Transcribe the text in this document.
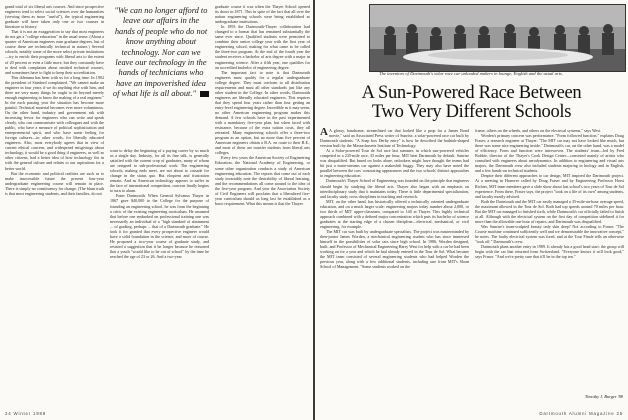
grand total of six liberal arts courses. And since prospective engineers tend to select social sciences over the humanities (viewing them as more "useful"), the typical engineering graduate will have taken only one or two courses in literature or history.

That it is not an exaggeration to say that most engineers do not get a "college education" in the usual sense. (About a quarter of American engineers earn graduate degrees, but of course these are technically technical in nature.) Several schools, notably some of the more select private institutions—try to enrich their programs with liberal arts to the extent of 20 percent or even a little more, but they constantly have to deal with complaints about omitted technical courses, and sometimes have to fight to keep their accreditation.

This dilemma has been with us for a long time. In 1902 the president of Stanford complained, "We cannot make an engineer in four years if we do anything else with him, and there are very many things he ought to do beyond merely enough engineering to know the making of a real engineer." In the each passing year the situation has become more painful. Technical material becomes ever more voluminous. On the other hand, industry and government ask with increasing fervor for engineers who can write and speak clearly, who can communicate with colleagues and with the public, who have a measure of political sophistication and entrepreneurial spirit, and who have some feeling for foreign cultures—in other words, for liberally educated engineers. Also, most everybody agrees that in view of current ethical concern, and widespread misgivings about technology, it would be a good thing if engineers, as well as other citizens, had a better idea of how technology fits in with the general culture and relates to our aspirations for a better world.

But the economic and political realities are such as to make inaccessible future the present four-year undergraduate engineering course will remain in place. There is simply no constituency for change. (The blunt truth is that most engineering students, and their families, do not

"We can no longer afford to leave our affairs in the hands of people who do not know anything about technology. Nor can we leave our technology in the hands of technicians who have an impoverished idea of what life is all about."

want to delay the beginning of a paying career by so much as a single day. Industry, for all its fine talk, is generally satisfied with the current crop of graduates, many of whom are resigned to sub-professional work. The engineering schools, making ends meet, are not about to crusade for change in the status quo. But eloquent and frustration remain. And as American technology appears to suffer in the face of international competition, concern finally begins to turn to alarm.

Enter Dartmouth. When General Sylvanus Thayer in 1867 gave $40,000 to the College for the purpose of founding an engineering school, he was from the beginning a critic of the existing engineering curriculum. He assumed that before one embarked on professional training one was necessarily an individual of a "high standard of attainment ... of grading, perhaps ... that of a Dartmouth graduate." He took it for granted that every prospective engineer would have a solid foundation in the science, and more of course. He proposed a two-year course of graduate study, and resisted a suggestion that it be longer because he reasoned that a youth "would like to be out of school" by the time he reached the age of 23 or 26. And a two-year

graduate course it was when the Thayer School opened its doors in 1871. This in spite of the fact that all over the nation engineering schools were being established as undergraduate institutions.

In 1893 the Dartmouth-Thayer collaboration had changed to a format that has remained substantially the same ever since. Qualified students were permitted to combine their senior college year with the first year of engineering school, making for what came to be called the three-two program. At the end of the fourth year the student receives a bachelor of arts degree with a major in engineering science. After a fifth year, one qualifies for an accredited bachelor of engineering degree.

The important fact to note is that Dartmouth engineers must qualify for a regular undergraduate college degree. They must conform to all distribution requirements and must all other standards just like any other student in the College. In other words, Dartmouth engineers are liberally educated engineers. This requires that they spend four years rather than four getting an entry-level engineering degree. Incredible as it may seem, no other American engineering program makes this demand. A few schools have in the past experimented with a mandatory five-year plan, but when faced with resistance, because of the extra tuition costs, they all retreated. Many engineering schools offer a three-two program as an option, but no more than five percent of American engineers obtain a B.A. en route to their B.E., and most of these are transfer students from liberal arts colleges.

Every few years the American Society of Engineering Education, the National Academy of Engineering, or some other organization conducts a study of American engineering education. The reports that come out of each study invariably note the desirability of liberal learning, and the recommendations all come around to the idea of the five-year program. And year the Association Society of Civil Engineers will proclaim that a liberalized five-year curriculum should as long last be established as a basic requirement. What this means is that the Thayer

24 Winter 1988
The inventors of Dartmouth's solar race car unloaded makers in lounge, English and the usual arts.
A Sun-Powered Race Between
Two Very Different Schools

A A glossy, handsome, streamlined car that looked like a prop for a James Bond movie," said an Associated Press writer of Sunrise, a solar-powered race car built by Dartmouth students. "A Soap box Derby entry" is how he described the bathtub-shaped version built by the Massachusetts Institute of Technology.

At a Solar-powered Tour de Sol race last summer, in which sun-powered vehicles competed in a 235-mile race, 35 miles per hour, MIT beat Dartmouth by default. Sunrise was disqualified. But based on looks alone, onlookers might have thought the teams had hit just a main-streams car against a makeshift buggy. They may also have noted the parallel between the cars' contrasting appearances and the two schools' distinct approaches to engineering education.

Dartmouth's Thayer School of Engineering was founded on the principle that engineers should begin by studying the liberal arts. Thayer also began with an emphasis on interdisciplinary study that it maintains today. There is little departmental specialization, and faculty study cross disciplines in teaching and research.

MIT, on the other hand, has historically offered a technically oriented undergraduate education, and on a much larger scale: engineering majors today number about 2,000, or two thirds of MIT upper-classmen, compared to 140 at Thayer. This highly technical approach combined with a defined major concentration which puts its bachelor of science graduates at the starting edge of a chosen discipline—electrical, mechanical, or civil engineering, for example.

The MIT car was built by undergraduate specialists. The project was masterminded by then-junior James Worden, a mechanical engineering student who has since immersed himself in the possibilities of solar cars since high school. In 1986, Worden designed, built, and Professor of Mechanical Engineering Harry West for help with a car he had been working on for a year and which he had already entered in the Tour de Sol. What became the MIT team consisted of several engineering students who had helped Worden the previous year, along with a few additional students, including one from MIT's Sloan School of Management. "Some students worked on the

frame, others on the wheels, and others on the electrical systems," says West.

Worden's primary concern was performance. "Form followed function," explains Doug Fraser, a research engineer at Thayer. "The MIT car may not have looked like much, but there was some nice engineering inside." Dartmouth's car, on the other hand, was a model of efficiency. Form and function were interwoven. The students' team—led by Fred Bobbie, director of the Thayer's Cook Design Center—consisted mainly of artists who consulted with engineers about aerodynamics. In addition to engineering and visual arts majors, the Dartmouth crew also included students majoring in biology and in English, and a few hands-on technical students.

Despite their different approaches to car design, MIT inspired the Dartmouth project. At a meeting in Hanover called by Doug Fraser and by Engineering Professor Horst Richter, MIT team members gave a slide show about last school's two years of Tour de Sol experience. From there, Fraser says, the project "took on a life of its own" among students, and faculty mostly advised.

Both the Dartmouth and the MIT car easily managed a 35-mile-an-hour average speed, the maximum allowed in the Tour de Sol. Both had top speeds around 70 miles per hour. But the MIT car managed to finished sixth, while Dartmouth's car officially failed to finish at all. Although with the electrical system on the first day of competition sidelined it for more than the allowable one hour of repairs, and Dartmouth was disqualified.

Was Sunrise's team-sculpted beauty only skin deep? Not according to Fraser. "The Course machine continued sufficiently well and we demonstrable the innovative concept," he notes. The faulty electrical system was fixed, and at the Tour Finale tells an otherwise "took off." Dartmouth's crew.

Dartmouth plans another entry in 1989. It already has a good head start: the group will begin with the car that returned from Switzerland. "Everyone knows it will look good," says Fraser. "And we're pretty sure that it'll be in the top ten."

Timothy J. Burger '88
Dartmouth Alumni Magazine 25
